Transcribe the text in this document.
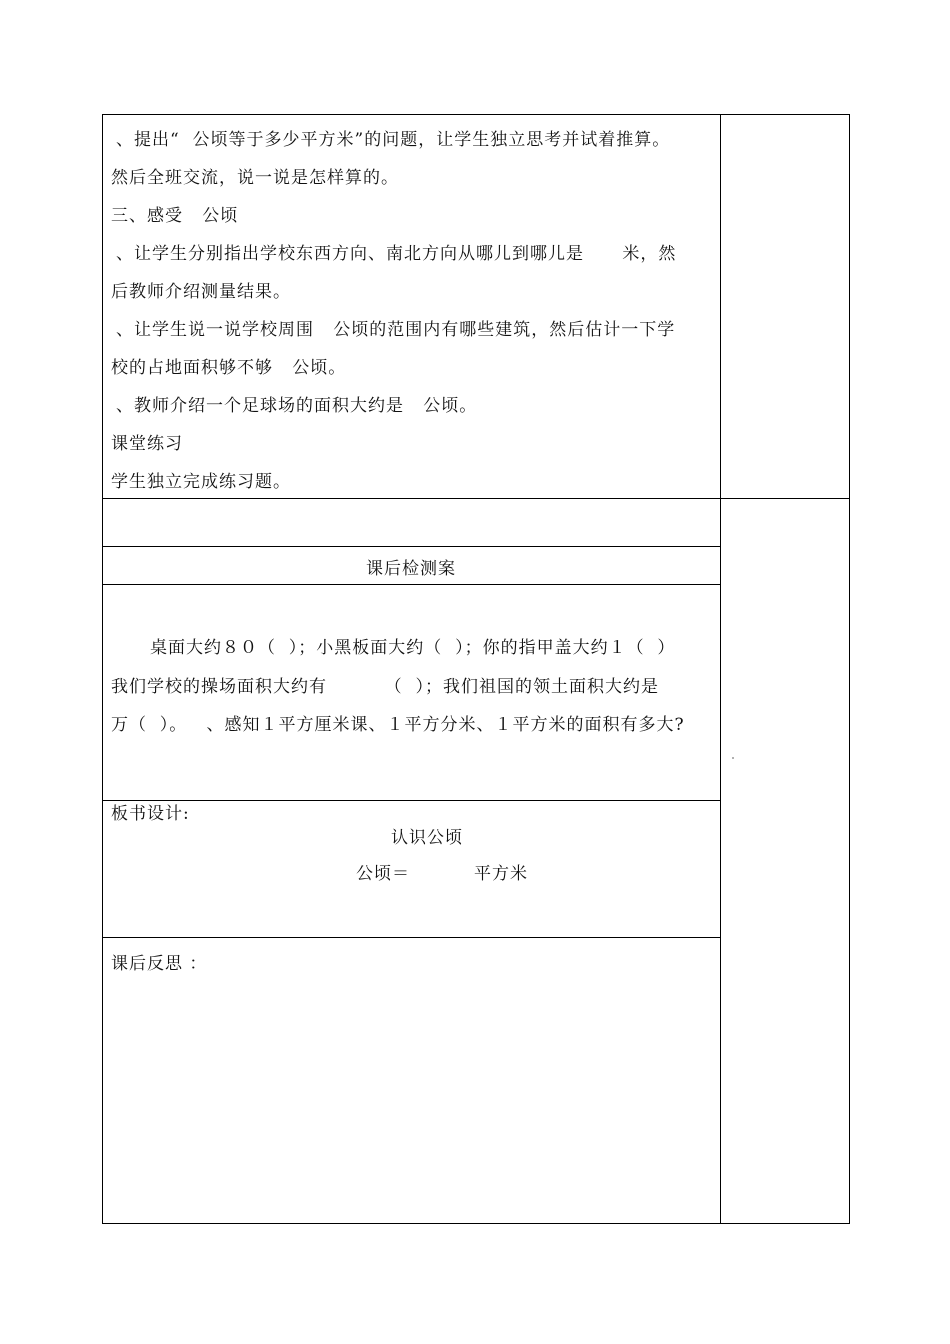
、提出“  公顷等于多少平方米”的问题，让学生独立思考并试着推算。
然后全班交流，说一说是怎样算的。
三、感受   公顷
、让学生分别指出学校东西方向、南北方向从哪儿到哪儿是      米，然
后教师介绍测量结果。
、让学生说一说学校周围   公顷的范围内有哪些建筑，然后估计一下学
校的占地面积够不够   公顷。
、教师介绍一个足球场的面积大约是   公顷。
课堂练习
学生独立完成练习题。
课后检测案
桌面大约８０（  ）；小黑板面大约（  ）；你的指甲盖大约１（  ）
我们学校的操场面积大约有         （  ）；我们祖国的领土面积大约是
万（  ）。   、感知１平方厘米课、１平方分米、１平方米的面积有多大?
板书设计:
认识公顷
公顷＝          平方米
课后反思 ：
